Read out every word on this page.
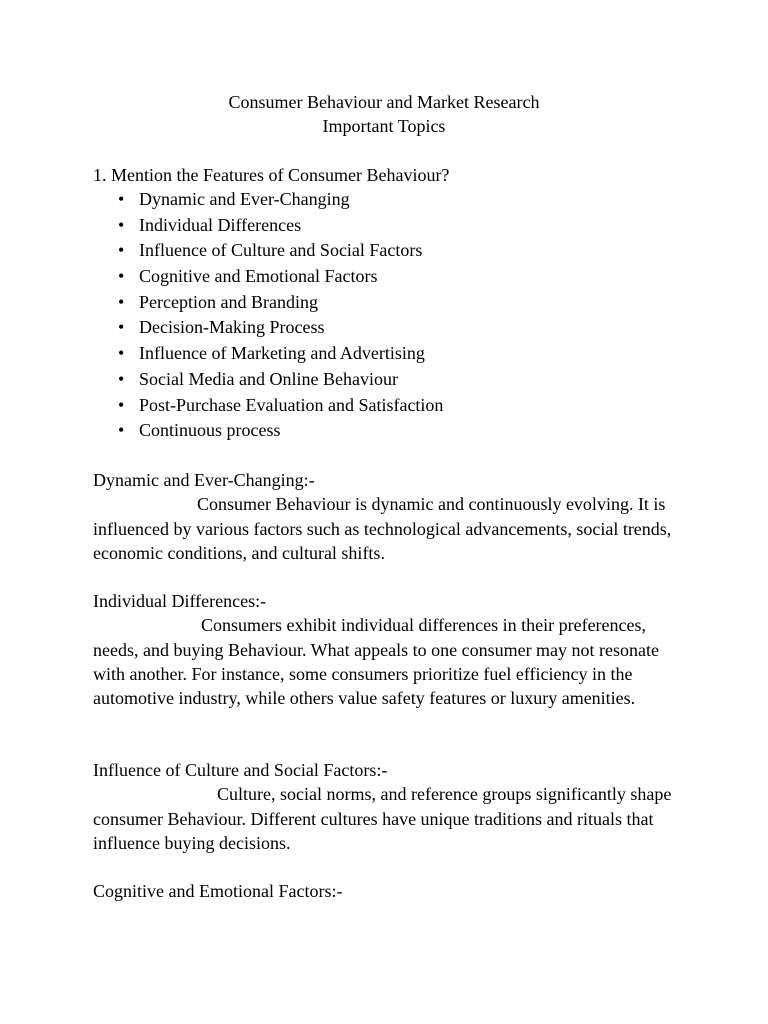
Consumer Behaviour and Market Research
Important Topics
1. Mention the Features of Consumer Behaviour?
• Dynamic and Ever-Changing
• Individual Differences
• Influence of Culture and Social Factors
• Cognitive and Emotional Factors
• Perception and Branding
• Decision-Making Process
• Influence of Marketing and Advertising
• Social Media and Online Behaviour
• Post-Purchase Evaluation and Satisfaction
• Continuous process
Dynamic and Ever-Changing:-
Consumer Behaviour is dynamic and continuously evolving. It is influenced by various factors such as technological advancements, social trends, economic conditions, and cultural shifts.
Individual Differences:-
Consumers exhibit individual differences in their preferences, needs, and buying Behaviour. What appeals to one consumer may not resonate with another. For instance, some consumers prioritize fuel efficiency in the automotive industry, while others value safety features or luxury amenities.
Influence of Culture and Social Factors:-
Culture, social norms, and reference groups significantly shape consumer Behaviour. Different cultures have unique traditions and rituals that influence buying decisions.
Cognitive and Emotional Factors:-
